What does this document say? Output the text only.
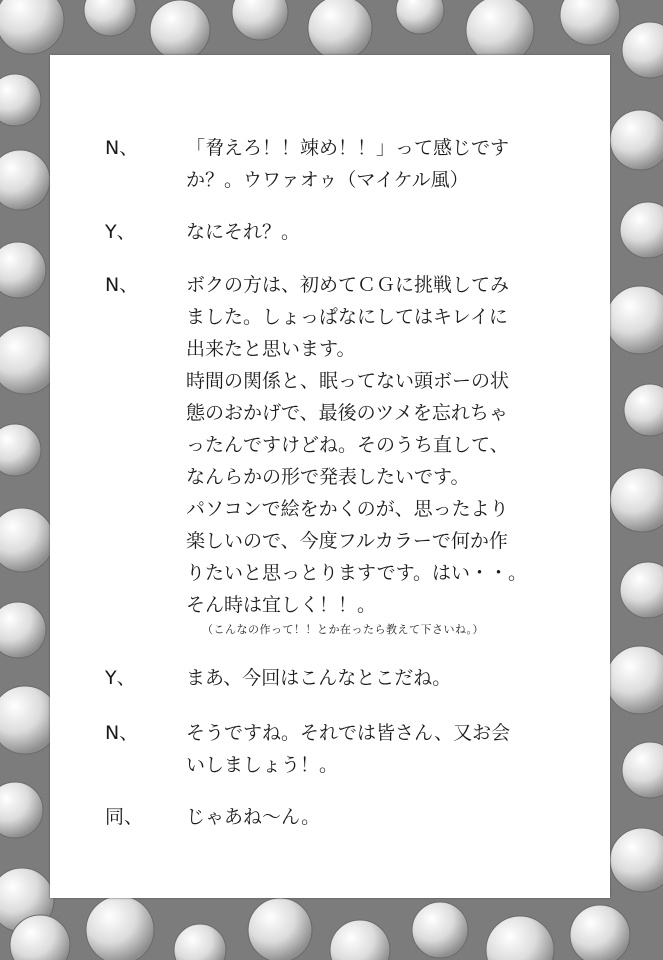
N、	「脅えろ！！竦め！！」って感じです
か？。ウワァオゥ（マイケル風）
Y、	なにそれ？。
N、	ボクの方は、初めてＣＧに挑戦してみ
ました。しょっぱなにしてはキレイに
出来たと思います。
時間の関係と、眠ってない頭ボーの状
態のおかげで、最後のツメを忘れちゃ
ったんですけどね。そのうち直して、
なんらかの形で発表したいです。
パソコンで絵をかくのが、思ったより
楽しいので、今度フルカラーで何か作
りたいと思っとりますです。はい・・。
そん時は宜しく！！。
（こんなの作って！！とか在ったら教えて下さいね。）
Y、	まあ、今回はこんなとこだね。
N、	そうですね。それでは皆さん、又お会
いしましょう！。
同、 じゃあね～ん。
